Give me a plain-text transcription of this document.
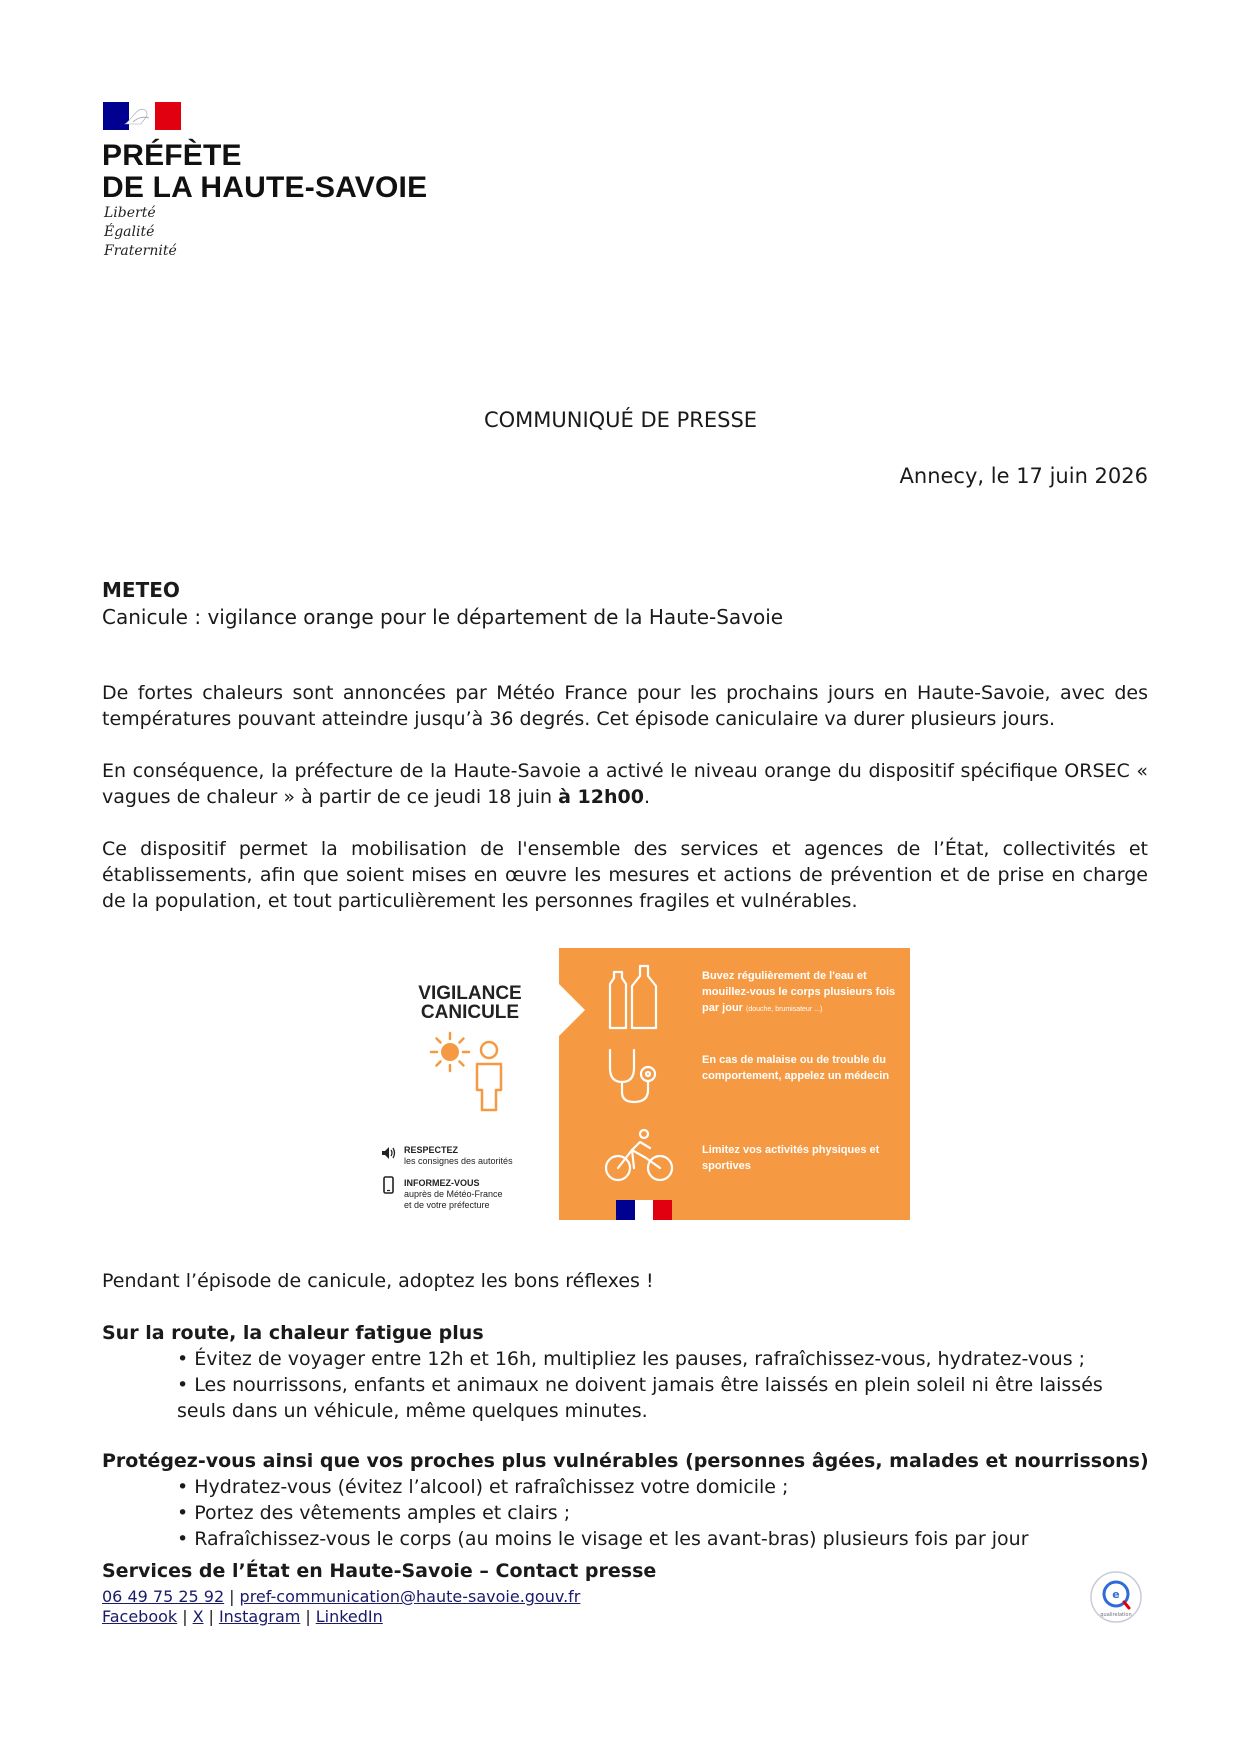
PRÉFÈTE
DE LA HAUTE-SAVOIE
Liberté
Égalité
Fraternité
COMMUNIQUÉ DE PRESSE
Annecy, le 17 juin 2026
METEO
Canicule : vigilance orange pour le département de la Haute-Savoie

De fortes chaleurs sont annoncées par Météo France pour les prochains jours en Haute-Savoie, avec des températures pouvant atteindre jusqu’à 36 degrés. Cet épisode caniculaire va durer plusieurs jours.

En conséquence, la préfecture de la Haute-Savoie a activé le niveau orange du dispositif spécifique ORSEC « vagues de chaleur » à partir de ce jeudi 18 juin à 12h00.

Ce dispositif permet la mobilisation de l'ensemble des services et agences de l’État, collectivités et établissements, afin que soient mises en œuvre les mesures et actions de prévention et de prise en charge de la population, et tout particulièrement les personnes fragiles et vulnérables.

VIGILANCE
CANICULE
RESPECTEZ
les consignes des autorités
INFORMEZ-VOUS
auprès de Météo-France
et de votre préfecture
Buvez régulièrement de l'eau et mouillez-vous le corps plusieurs fois par jour (douche, brumisateur ...)
En cas de malaise ou de trouble du comportement, appelez un médecin
Limitez vos activités physiques et sportives
Pendant l’épisode de canicule, adoptez les bons réflexes !
Sur la route, la chaleur fatigue plus

• Évitez de voyager entre 12h et 16h, multipliez les pauses, rafraîchissez-vous, hydratez-vous ;

• Les nourrissons, enfants et animaux ne doivent jamais être laissés en plein soleil ni être laissés seuls dans un véhicule, même quelques minutes.

Protégez-vous ainsi que vos proches plus vulnérables (personnes âgées, malades et nourrissons)

• Hydratez-vous (évitez l’alcool) et rafraîchissez votre domicile ;

• Portez des vêtements amples et clairs ;

• Rafraîchissez-vous le corps (au moins le visage et les avant-bras) plusieurs fois par jour

Services de l’État en Haute-Savoie – Contact presse
06 49 75 25 92 | pref-communication@haute-savoie.gouv.fr
Facebook | X | Instagram | LinkedIn
e
qualirelation
